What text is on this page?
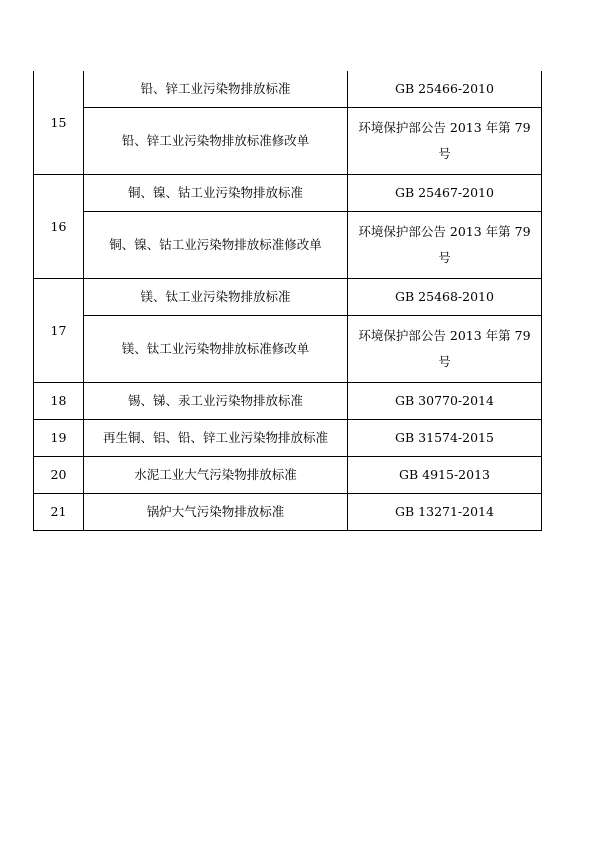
15	铅、锌工业污染物排放标准	GB 25466-2010
	铅、锌工业污染物排放标准修改单	环境保护部公告 2013 年第 79 号
16	铜、镍、钴工业污染物排放标准	GB 25467-2010
	铜、镍、钴工业污染物排放标准修改单	环境保护部公告 2013 年第 79 号
17	镁、钛工业污染物排放标准	GB 25468-2010
	镁、钛工业污染物排放标准修改单	环境保护部公告 2013 年第 79 号
18	锡、锑、汞工业污染物排放标准	GB 30770-2014
19	再生铜、铝、铅、锌工业污染物排放标准	GB 31574-2015
20	水泥工业大气污染物排放标准	GB 4915-2013
21	锅炉大气污染物排放标准	GB 13271-2014
